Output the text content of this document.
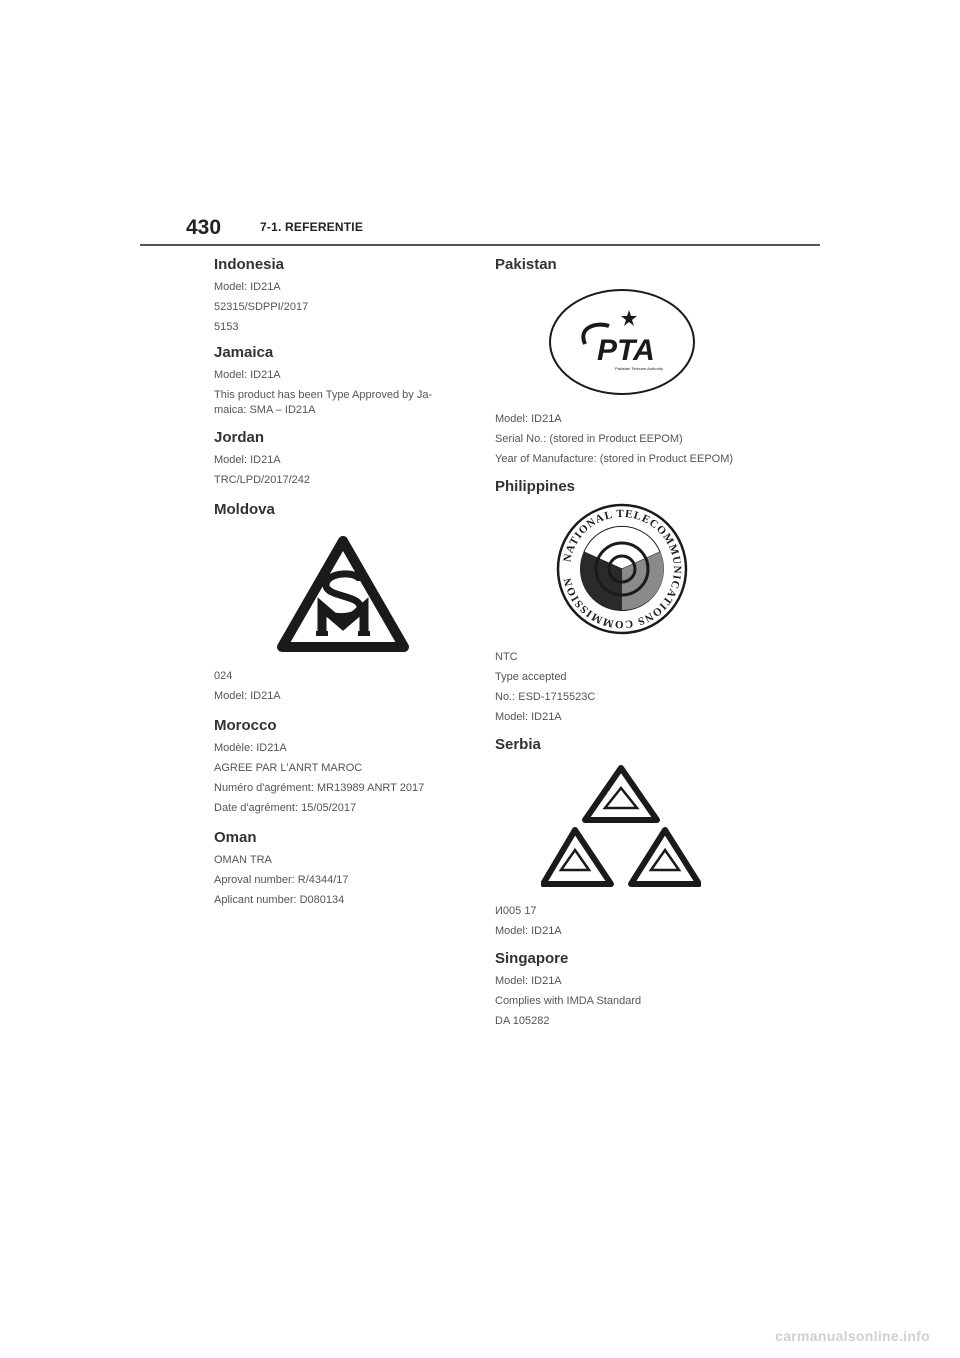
430	7-1. REFERENTIE
Indonesia

Model: ID21A

52315/SDPPI/2017

5153

Jamaica

Model: ID21A

This product has been Type Approved by Ja-

maica: SMA – ID21A

Jordan

Model: ID21A

TRC/LPD/2017/242

Moldova

024

Model: ID21A

Morocco

Modèle: ID21A

AGREE PAR L'ANRT MAROC

Numéro d'agrément: MR13989 ANRT 2017

Date d'agrément: 15/05/2017

Oman

OMAN TRA

Aproval number: R/4344/17

Aplicant number: D080134

Pakistan
PTA
Pakistan Telecom Authority

Model: ID21A

Serial No.: (stored in Product EEPOM)

Year of Manufacture: (stored in Product EEPOM)

Philippines
NATIONAL TELECOMMUNICATIONS COMMISSION

NTC

Type accepted

No.: ESD-1715523C

Model: ID21A

Serbia

И005 17

Model: ID21A

Singapore

Model: ID21A

Complies with IMDA Standard

DA 105282

carmanualsonline.info
